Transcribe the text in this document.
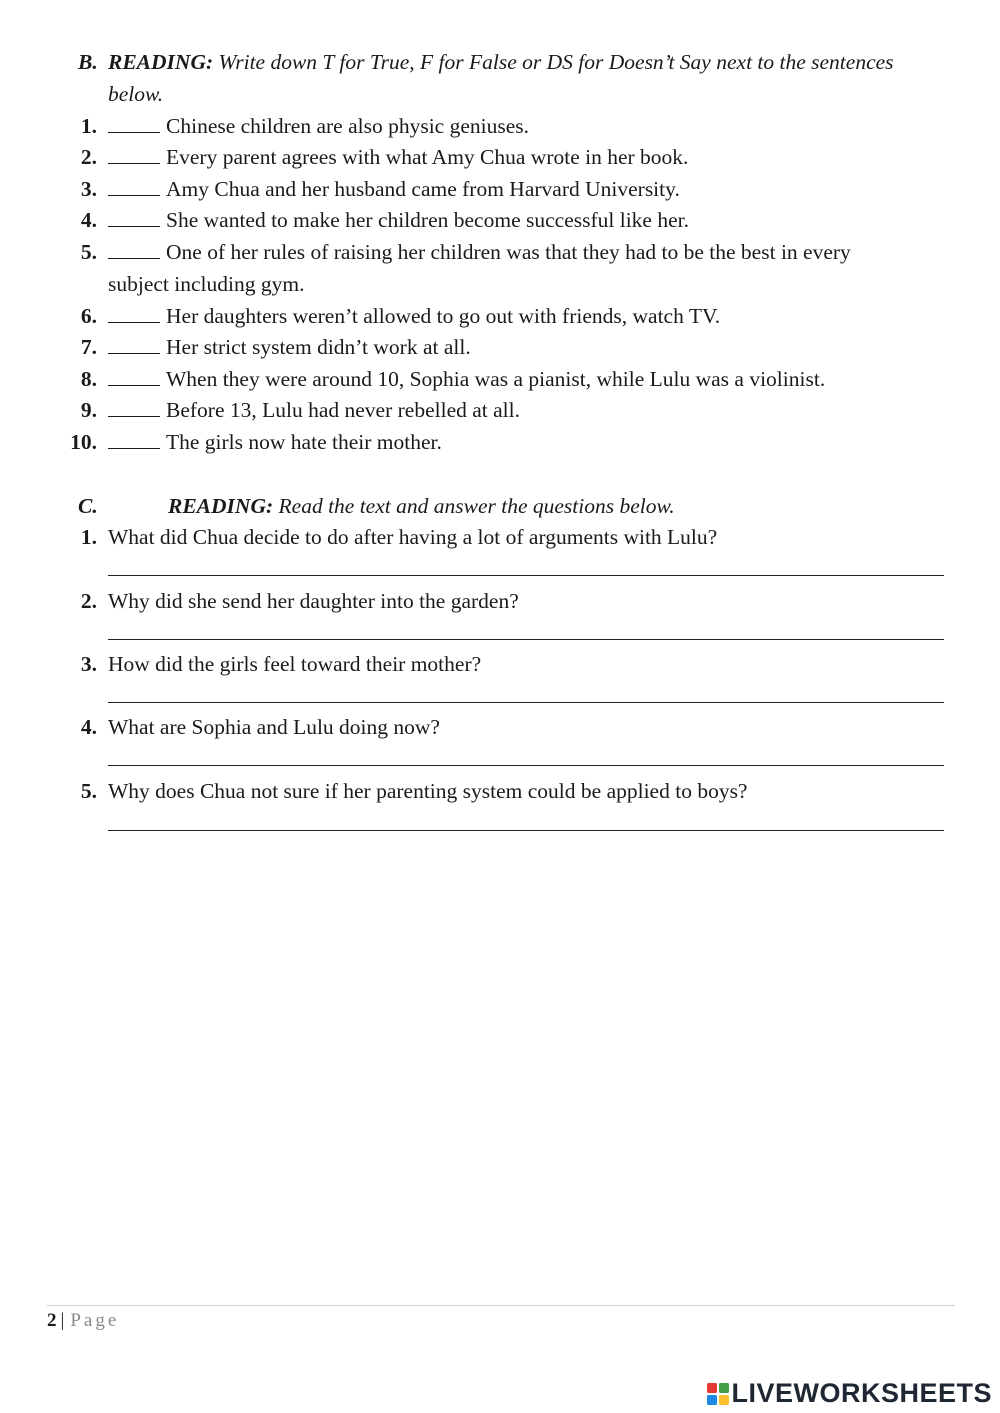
B. READING: Write down T for True, F for False or DS for Doesn’t Say next to the sentences
below.
1.	Chinese children are also physic geniuses.
2.	Every parent agrees with what Amy Chua wrote in her book.
3.	Amy Chua and her husband came from Harvard University.
4.	She wanted to make her children become successful like her.
5.	One of her rules of raising her children was that they had to be the best in every
subject including gym.
6.	Her daughters weren’t allowed to go out with friends, watch TV.
7.	Her strict system didn’t work at all.
8.	When they were around 10, Sophia was a pianist, while Lulu was a violinist.
9.	Before 13, Lulu had never rebelled at all.
10.	The girls now hate their mother.
C.	READING: Read the text and answer the questions below.
1. What did Chua decide to do after having a lot of arguments with Lulu?
2. Why did she send her daughter into the garden?
3. How did the girls feel toward their mother?
4. What are Sophia and Lulu doing now?
5. Why does Chua not sure if her parenting system could be applied to boys?
2 | Page
LIVEWORKSHEETS
